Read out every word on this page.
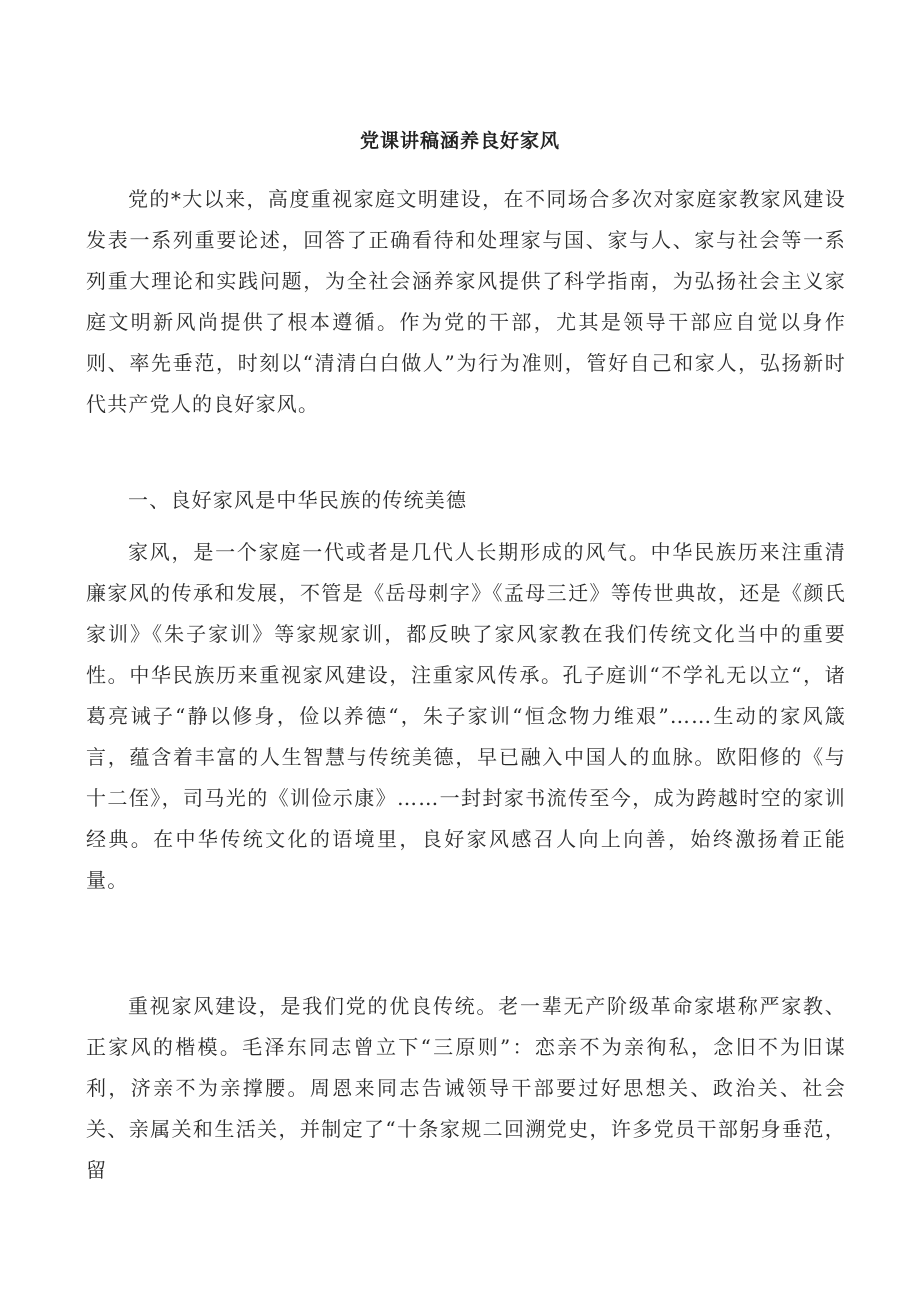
党课讲稿涵养良好家风

党的*大以来，高度重视家庭文明建设，在不同场合多次对家庭家教家风建设发表一系列重要论述，回答了正确看待和处理家与国、家与人、家与社会等一系列重大理论和实践问题，为全社会涵养家风提供了科学指南，为弘扬社会主义家庭文明新风尚提供了根本遵循。作为党的干部，尤其是领导干部应自觉以身作则、率先垂范，时刻以“清清白白做人”为行为准则，管好自己和家人，弘扬新时代共产党人的良好家风。

一、良好家风是中华民族的传统美德

家风，是一个家庭一代或者是几代人长期形成的风气。中华民族历来注重清廉家风的传承和发展，不管是《岳母刺字》《孟母三迁》等传世典故，还是《颜氏家训》《朱子家训》等家规家训，都反映了家风家教在我们传统文化当中的重要性。中华民族历来重视家风建设，注重家风传承。孔子庭训“不学礼无以立“，诸葛亮诫子“静以修身，俭以养德“，朱子家训“恒念物力维艰”……生动的家风箴言，蕴含着丰富的人生智慧与传统美德，早已融入中国人的血脉。欧阳修的《与十二侄》，司马光的《训俭示康》……一封封家书流传至今，成为跨越时空的家训经典。在中华传统文化的语境里，良好家风感召人向上向善，始终激扬着正能量。

重视家风建设，是我们党的优良传统。老一辈无产阶级革命家堪称严家教、正家风的楷模。毛泽东同志曾立下“三原则”：恋亲不为亲徇私，念旧不为旧谋利，济亲不为亲撑腰。周恩来同志告诫领导干部要过好思想关、政治关、社会关、亲属关和生活关，并制定了“十条家规二回溯党史，许多党员干部躬身垂范，留
